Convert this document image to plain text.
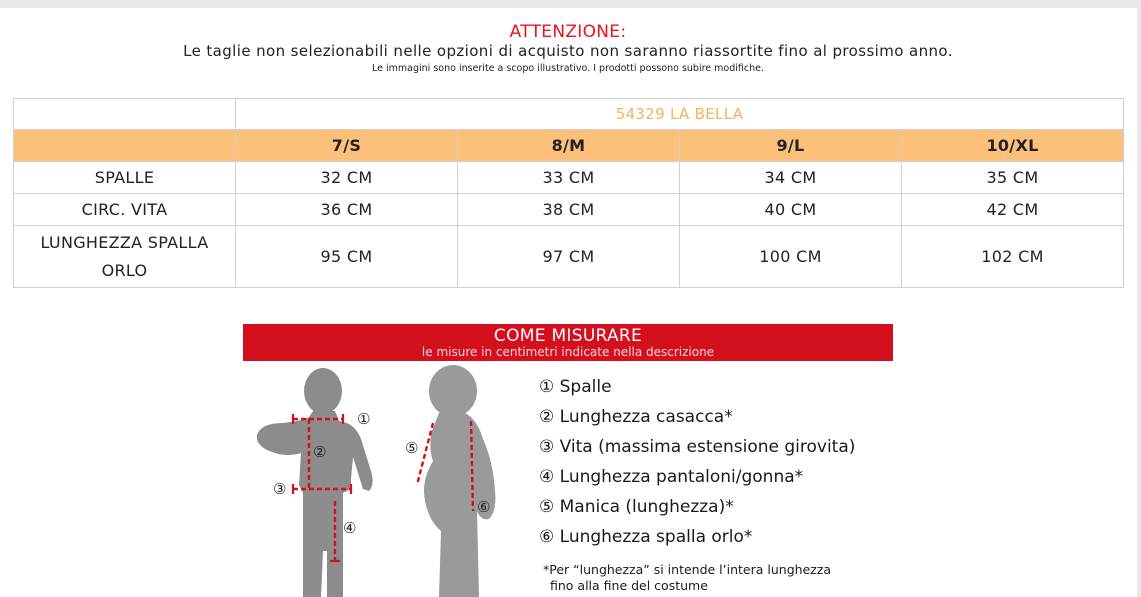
ATTENZIONE:
Le taglie non selezionabili nelle opzioni di acquisto non saranno riassortite fino al prossimo anno.
Le immagini sono inserite a scopo illustrativo. I prodotti possono subire modifiche.
	54329 LA BELLA			
	7/S	8/M	9/L	10/XL
SPALLE	32 CM	33 CM	34 CM	35 CM
CIRC. VITA	36 CM	38 CM	40 CM	42 CM

LUNGHEZZA SPALLA
ORLO	95 CM	97 CM	100 CM	102 CM
COME MISURARE
le misure in centimetri indicate nella descrizione
①
②
③
④
⑤
⑥
① Spalle
② Lunghezza casacca*
③ Vita (massima estensione girovita)
④ Lunghezza pantaloni/gonna*
⑤ Manica (lunghezza)*
⑥ Lunghezza spalla orlo*
*Per “lunghezza” si intende l’intera lunghezza
fino alla fine del costume
